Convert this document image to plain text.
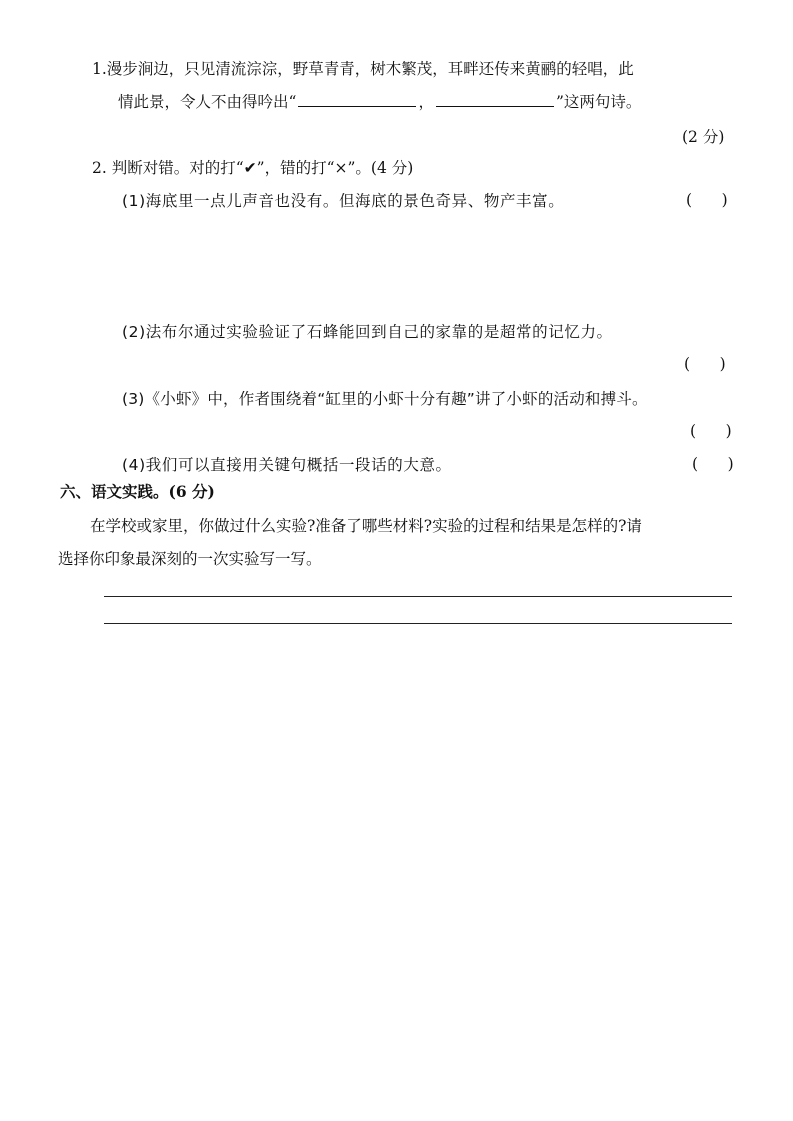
1.漫步涧边，只见清流淙淙，野草青青，树木繁茂，耳畔还传来黄鹂的轻唱，此
情此景，令人不由得吟出“	，	”这两句诗。
(2 分)
2. 判断对错。对的打“✔”，错的打“×”。(4 分)
(1)海底里一点儿声音也没有。但海底的景色奇异、物产丰富。	(      )
(2)法布尔通过实验验证了石蜂能回到自己的家靠的是超常的记忆力。
(      )
(3)《小虾》中，作者围绕着“缸里的小虾十分有趣”讲了小虾的活动和搏斗。
(      )
(4)我们可以直接用关键句概括一段话的大意。	(      )
六、语文实践。(6 分)
在学校或家里，你做过什么实验?准备了哪些材料?实验的过程和结果是怎样的?请
选择你印象最深刻的一次实验写一写。
